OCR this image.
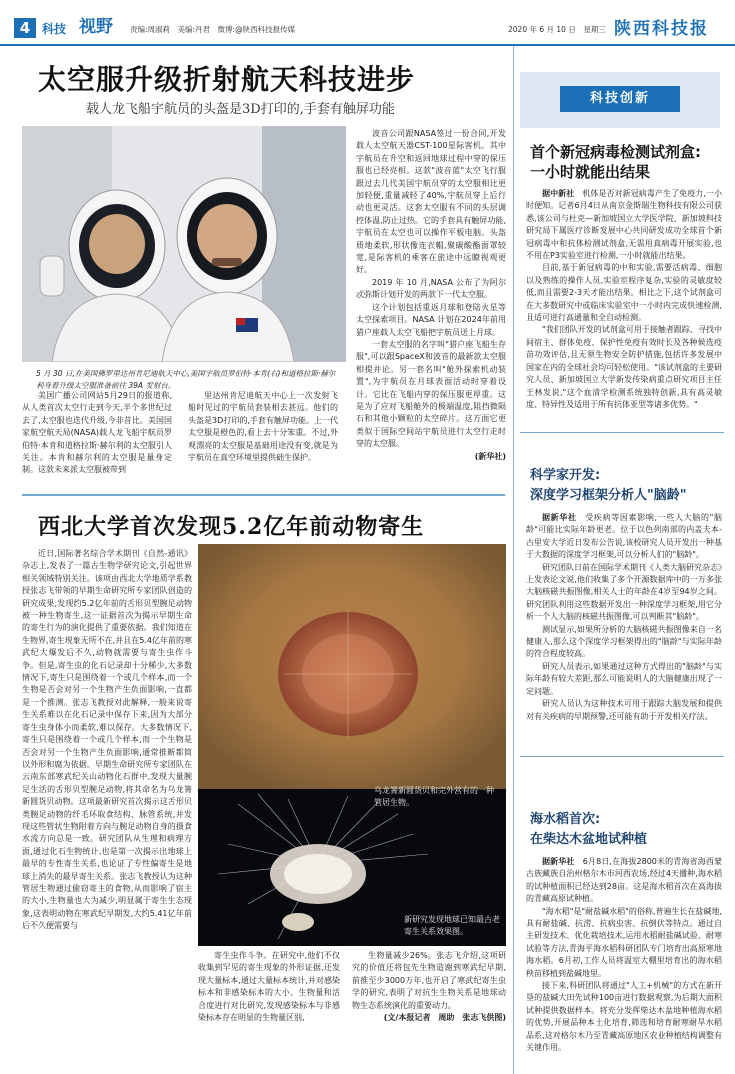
4 科技 视野 责编:周淑莉　美编:丹君　微博:@陕西科技报传媒	2020 年 6 月 10 日　星期三 陕西科技报
太空服升级折射航天科技进步
载人龙飞船宇航员的头盔是3D打印的,手套有触屏功能
5 月 30 日,在美国佛罗里达州肯尼迪航天中心,美国宇航员罗伯特·本肯(右)和道格拉斯·赫尔利身着升级太空服准备前往 39A 发射台。

美国广播公司网站5月29日的报道称,从人类首次太空行走到今天,半个多世纪过去了,太空服也迭代升级,今非昔比。美国国家航空航天局(NASA)载人龙飞船宇航员罗伯特·本肯和道格拉斯·赫尔利的太空服引人关注。本肯和赫尔利的太空服是量身定制。这款未来派太空服被带到

里达州肯尼迪航天中心上一次发射飞船时见过的宇航员套装相去甚远。他们的头盔是3D打印的,手套有触屏功能。上一代太空服是橙色的,看上去十分笨重。不过,外观漂亮的太空服是基础用途没有变,就是为宇航员在真空环境里提供础生保护。

波音公司跟NASA签过一份合同,开发载人太空航天器CST-100星际客机。其中宇航员在升空和返回地球过程中穿的保压服也已经亮相。这款"波音蓝"太空飞行服跟过去几代美国宇航员穿的太空服相比更加轻便,重量减轻了40%,宇航员穿上后行动也更灵活。这套太空服有不同的头层调控体温,防止过热。它的手套具有触屏功能,宇航员在太空也可以操作平板电脑。头盔质地柔软,形状像连衣帽,聚碳酸酯面罩较宽,是际客机的乘客在旅途中远瞭视观更好。

2019 年 10 月,NASA 公布了为阿尔忒弥斯计划开发的两款下一代太空服。

这个计划包括重返月球和登陆火星等太空探索项目。NASA 计划在2024年前用猎户座载人太空飞船把宇航员送上月球。

一套太空服的名字叫"猎户座飞船生存服",可以跟SpaceX和波音的最新款太空服相提并论。另一套名叫"舱外探索机动装置",为宇航员在月球表面活动时穿着设计。它比在飞船内穿的保压服更厚重。这是为了应对飞船舱外的极端温度,阻挡微陨石和其他小颗粒的太空碎片。这方面它更类似于国际空间站宇航员进行太空行走时穿的太空服。

(新华社)
西北大学首次发现5.2亿年前动物寄生

近日,国际著名综合学术期刊《自然-通讯》杂志上,发表了一篇古生物学研究论文,引起世界相关领域特别关注。该项由西北大学地质学系教授张志飞带领的早期生命研究所专家团队创造的研究成果,发现约5.2亿年前的舌形贝型腕足动物被一种生物寄生,这一证据首次为揭示早期生命的寄生行为的演化提供了重要依据。我们知道在生物界,寄生现象无所不在,并且在5.4亿年前的寒武纪大爆发后不久,动物就需要与寄生虫作斗争。但是,寄生虫的化石记录却十分稀少,大多数情况下,寄生只是围绕着一个或几个样本,而一个生物是否会对另一个生物产生负面影响,一直都是一个推测。张志飞教授对此解释,一般来说寄生关系难以在化石记录中保存下来,因为大部分寄生虫身体小而柔软,难以保存。大多数情况下,寄生只是围绕着一个或几个样本,而一个生物是否会对另一个生物产生负面影响,通常推断都简以外形和腐为依据。早期生命研究所专家团队在云南东部寒武纪关山动物化石群中,发现大量腕足生活的舌形贝型腕足动物,将其命名为乌龙箐新圆货贝动物。这项最新研究首次揭示这舌形贝类腕足动物的纤毛环取食结构、脉管系统,并发现这些管状生物附着方向与腕足动物自身的摄食水流方向总是一致。研究团队从生理和病理方面,通过化石生物统计,也是第一次揭示出地球上最早的专性寄生关系,也论证了专性偏寄生是地球上消失的最早寄生关系。张志飞教授认为这种管居生物通过偷窃寄主的食物,从而影响了宿主的大小,生物量也大为减少,明显属于寄生生态现象,这表明动物在寒武纪早期发,大约5.41亿年前后不久便需要与

乌龙箐新圆货贝和完外营有的一种管居生物。
新研究发现地球已知最古老寄生关系效果图。

寄生虫作斗争。在研究中,他们不仅收集到罕见的寄生现象的外形证据,还发现大量标本,通过大量标本统计,并对感染标本和非感染标本的大小、生物量和活合度进行对比研究,发现感染标本与非感染标本存在明显的生物量区别,

生物量减少26%。张志飞介绍,这项研究的价值还将包先生物造谢到寒武纪早期,前推至少3000万年,也开启了寒武纪寄生虫学的研究,表明了对抗生生物关系是地球动物生态系统演化的重要动力。

(文/本报记者　周助　张志飞供图)
科技创新
首个新冠病毒检测试剂盒:
一小时就能出结果

据中新社　 机体是否对新冠病毒产生了免疫力,一小时便知。记者6月4日从南京金斯瑞生物科技有限公司获悉,该公司与杜克—新加坡国立大学医学院、新加坡科技研究局下属医疗诊断发展中心共同研发成功全球首个新冠病毒中和抗体检测试剂盒,无需用真病毒开展实验,也不用在P3实验室进行检测,一小时就能出结果。

目前,基于新冠病毒的中和实验,需要活病毒、细胞以及熟练的操作人员,实验室程序复杂,实验的灵敏度较低,而且需要2-3天才能出结果。相比之下,这个试剂盒可在大多数研究中或临床实验室中一小时内完成快速检测,且适可进行高通量和全自动检测。

"我们团队开发的试剂盒可用于接触者跟踪、寻找中间宿主、群体免疫、保护性免疫有效时长及各种候选疫苗功效评估,且无须生物安全防护措施,包括许多发展中国家在内的全球社会均可轻松使用。"该试剂盒的主要研究人员、新加坡国立大学新发传染病重点研究项目主任王林发说,"这个血清学检测系统独特创新,具有高灵敏度、特异性及适用于所有抗体亚型等诸多优势。"

科学家开发:
深度学习框架分析人"脑龄"

据新华社　 受疾病等因素影响,一些人大脑的"脑龄"可能比实际年龄更老。位于以色列南部的内盖夫本-古里安大学近日发布公告说,该校研究人员开发出一种基于大数据的深度学习框架,可以分析人们的"脑龄"。

研究团队日前在国际学术期刊《人类大脑研究杂志》上发表论文说,他们收集了多个开源数据库中的一万多张大脑核磁共振图像,相关人士的年龄在4岁至94岁之间。研究团队利用这些数据开发出一种深度学习框架,用它分析一个人大脑的核磁共振图像,可以判断其"脑龄"。

测试显示,如果所分析的大脑核磁共振图像来自一名健康人,那么这个深度学习框架得出的"脑龄"与实际年龄的符合程度较高。

研究人员表示,如果通过这种方式得出的"脑龄"与实际年龄有较大差距,那么可能说明人的大脑健康出现了一定问题。

研究人员认为这种技术可用于跟踪大脑发展和提供对有关疾病的早期预警,还可能有助于开发相关疗法。

海水稻首次:
在柴达木盆地试种植

据新华社　 6月8日,在海拔2800米的青海省海西蒙古族藏族自治州格尔木市河西农场,经过4天播种,海水稻的试种植面积已经达到28亩。这是海水稻首次在高海拔的青藏高原试种植。

"海水稻"是"耐盐碱水稻"的俗称,普遍生长在盐碱地,具有耐盐碱、抗涝、抗病虫害、抗倒伏等特点。通过自主研发技术、优化栽培技术,运用水稻耐盐碱试验、耐寒试验等方法,青海平海水稻科研团队专门培育出高原寒地海水稻。6月初,工作人员将温室大棚里培育出的海水稻秧苗移植到盐碱地里。

接下来,科研团队将通过"人工+机械"的方式在新开垦的盐碱大田先试种100亩进行数据观察,为后期大面积试种提供数据样本。将充分发挥柴达木盆地种植海水稻的优势,开展品种本土化培育,筛选和培育耐寒耐旱水稻品系,这对格尔木乃至青藏高原地区农业种植结构调整有关键作用。
